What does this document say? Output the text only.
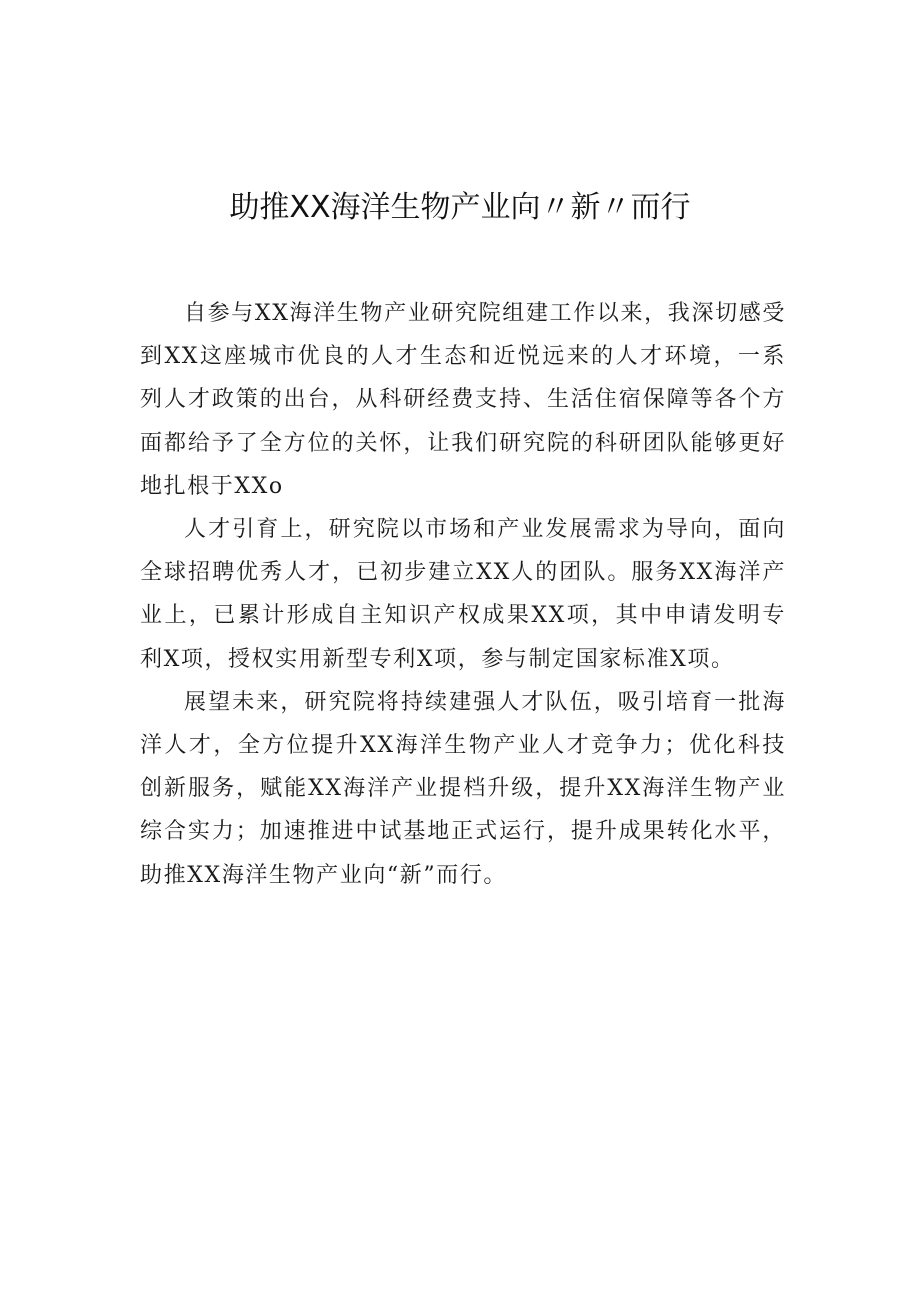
助推XX海洋生物产业向〃新〃而行

自参与XX海洋生物产业研究院组建工作以来，我深切感受到XX这座城市优良的人才生态和近悦远来的人才环境，一系列人才政策的出台，从科研经费支持、生活住宿保障等各个方面都给予了全方位的关怀，让我们研究院的科研团队能够更好地扎根于XXo

人才引育上，研究院以市场和产业发展需求为导向，面向全球招聘优秀人才，已初步建立XX人的团队。服务XX海洋产业上，已累计形成自主知识产权成果XX项，其中申请发明专利X项，授权实用新型专利X项，参与制定国家标准X项。

展望未来，研究院将持续建强人才队伍，吸引培育一批海洋人才，全方位提升XX海洋生物产业人才竞争力；优化科技创新服务，赋能XX海洋产业提档升级，提升XX海洋生物产业综合实力；加速推进中试基地正式运行，提升成果转化水平，助推XX海洋生物产业向“新”而行。
